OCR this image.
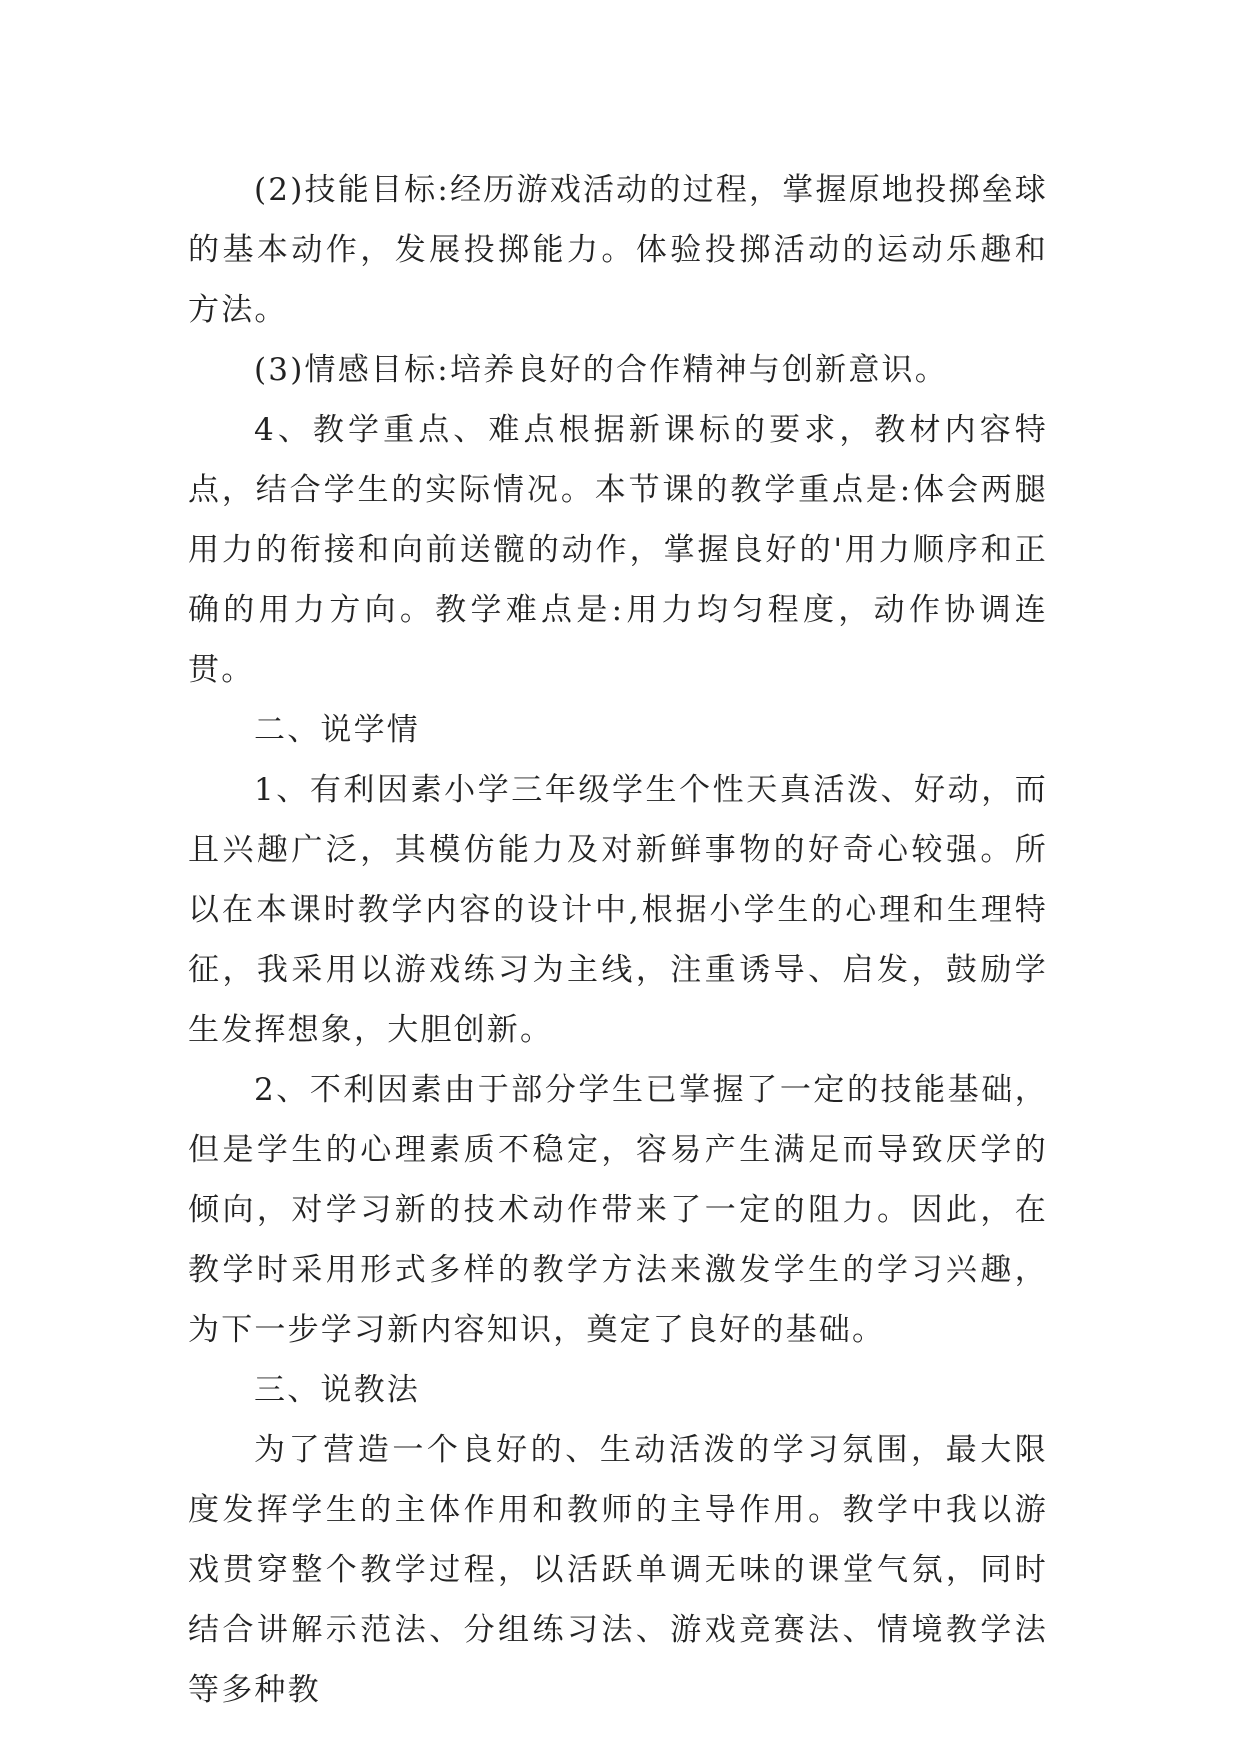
(2)技能目标:经历游戏活动的过程，掌握原地投掷垒球的基本动作，发展投掷能力。体验投掷活动的运动乐趣和方法。

(3)情感目标:培养良好的合作精神与创新意识。

4、教学重点、难点根据新课标的要求，教材内容特点，结合学生的实际情况。本节课的教学重点是:体会两腿用力的衔接和向前送髋的动作，掌握良好的'用力顺序和正确的用力方向。教学难点是:用力均匀程度，动作协调连贯。

二、说学情

1、有利因素小学三年级学生个性天真活泼、好动，而且兴趣广泛，其模仿能力及对新鲜事物的好奇心较强。所以在本课时教学内容的设计中,根据小学生的心理和生理特征，我采用以游戏练习为主线，注重诱导、启发，鼓励学生发挥想象，大胆创新。

2、不利因素由于部分学生已掌握了一定的技能基础，但是学生的心理素质不稳定，容易产生满足而导致厌学的倾向，对学习新的技术动作带来了一定的阻力。因此，在教学时采用形式多样的教学方法来激发学生的学习兴趣，为下一步学习新内容知识，奠定了良好的基础。

三、说教法

为了营造一个良好的、生动活泼的学习氛围，最大限度发挥学生的主体作用和教师的主导作用。教学中我以游戏贯穿整个教学过程，以活跃单调无味的课堂气氛，同时结合讲解示范法、分组练习法、游戏竞赛法、情境教学法等多种教
